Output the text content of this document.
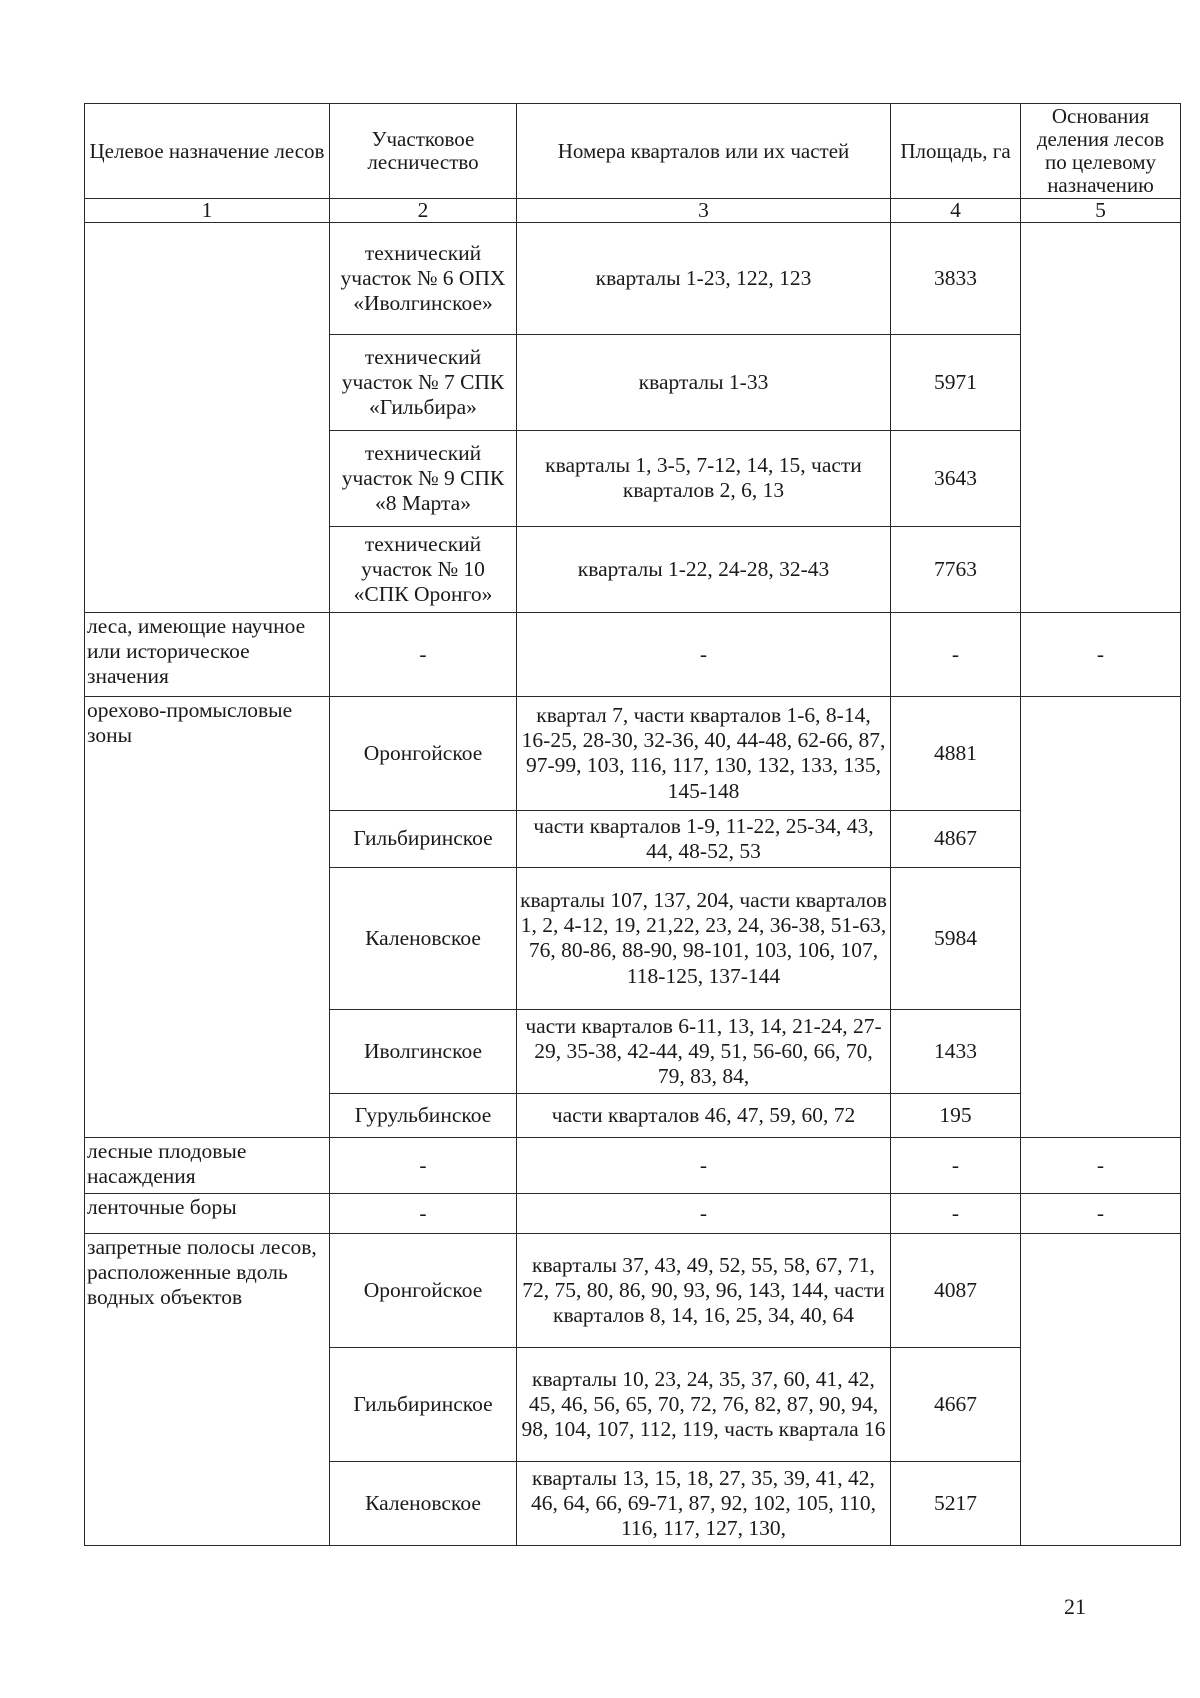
Целевое назначение лесов	Участковое лесничество	Номера кварталов или их частей	Площадь, га	Основания деления лесов по целевому назначению
1	2	3	4	5
	технический участок № 6 ОПХ «Иволгинское»	кварталы 1-23, 122, 123	3833	
	технический участок № 7 СПК «Гильбира»	кварталы 1-33	5971	
	технический участок № 9 СПК «8 Марта»	кварталы 1, 3-5, 7-12, 14, 15, части кварталов 2, 6, 13	3643	
	технический участок № 10 «СПК Оронго»	кварталы 1-22, 24-28, 32-43	7763	
леса, имеющие научное или историческое значения	-	-	-	-
орехово-промысловые зоны	Оронгойское	квартал 7, части кварталов 1-6, 8-14, 16-25, 28-30, 32-36, 40, 44-48, 62-66, 87, 97-99, 103, 116, 117, 130, 132, 133, 135, 145-148	4881	
	Гильбиринское	части кварталов 1-9, 11-22, 25-34, 43, 44, 48-52, 53	4867	
	Каленовское	кварталы 107, 137, 204, части кварталов 1, 2, 4-12, 19, 21,22, 23, 24, 36-38, 51-63, 76, 80-86, 88-90, 98-101, 103, 106, 107, 118-125, 137-144	5984	
	Иволгинское	части кварталов 6-11, 13, 14, 21-24, 27-29, 35-38, 42-44, 49, 51, 56-60, 66, 70, 79, 83, 84,	1433	
	Гурульбинское	части кварталов 46, 47, 59, 60, 72	195	
лесные плодовые насаждения	-	-	-	-
ленточные боры	-	-	-	-
запретные полосы лесов, расположенные вдоль водных объектов	Оронгойское	кварталы 37, 43, 49, 52, 55, 58, 67, 71, 72, 75, 80, 86, 90, 93, 96, 143, 144, части кварталов 8, 14, 16, 25, 34, 40, 64	4087	
	Гильбиринское	кварталы 10, 23, 24, 35, 37, 60, 41, 42, 45, 46, 56, 65, 70, 72, 76, 82, 87, 90, 94, 98, 104, 107, 112, 119, часть квартала 16	4667	
	Каленовское	кварталы 13, 15, 18, 27, 35, 39, 41, 42, 46, 64, 66, 69-71, 87, 92, 102, 105, 110, 116, 117, 127, 130,	5217	
21
